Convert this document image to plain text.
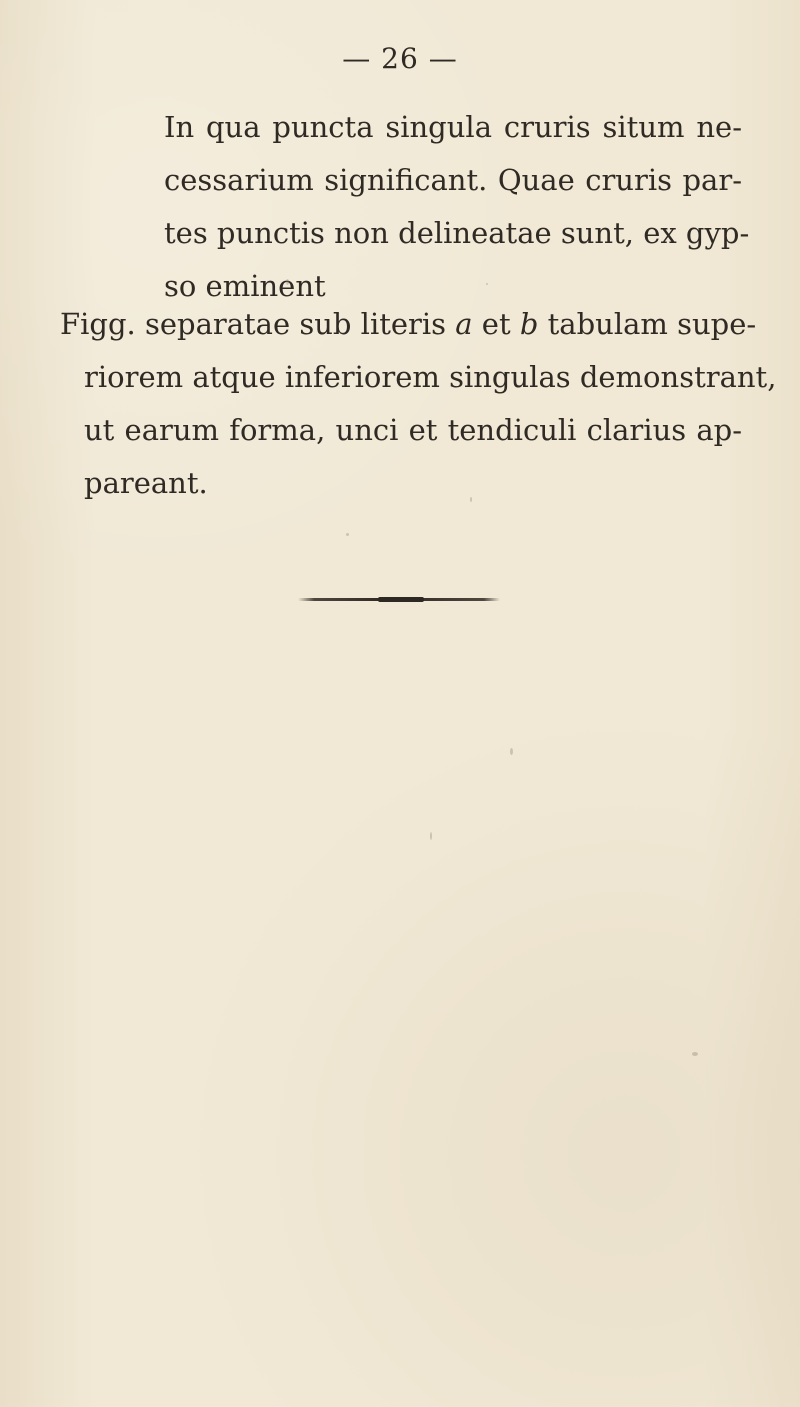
— 26 —

In qua puncta singula cruris situm ne-
cessarium significant. Quae cruris par-
tes punctis non delineatae sunt, ex gyp-
so eminent

Figg. separatae sub literis a et b tabulam supe-
riorem atque inferiorem singulas demonstrant,
ut earum forma, unci et tendiculi clarius ap-
pareant.
